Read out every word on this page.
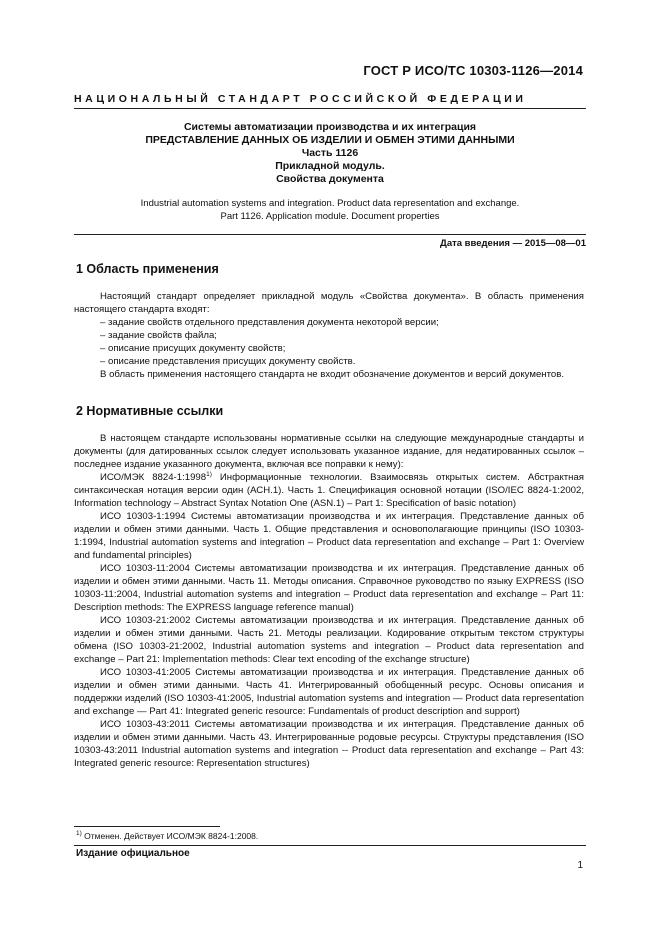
ГОСТ Р ИСО/ТС 10303-1126—2014
НАЦИОНАЛЬНЫЙ СТАНДАРТ РОССИЙСКОЙ ФЕДЕРАЦИИ
Системы автоматизации производства и их интеграция
ПРЕДСТАВЛЕНИЕ ДАННЫХ ОБ ИЗДЕЛИИ И ОБМЕН ЭТИМИ ДАННЫМИ
Часть 1126
Прикладной модуль.
Свойства документа
Industrial automation systems and integration. Product data representation and exchange.
Part 1126. Application module. Document properties
Дата введения — 2015—08—01
1 Область применения

Настоящий стандарт определяет прикладной модуль «Свойства документа». В область применения настоящего стандарта входят:

– задание свойств отдельного представления документа некоторой версии;

– задание свойств файла;

– описание присущих документу свойств;

– описание представления присущих документу свойств.

В область применения настоящего стандарта не входит обозначение документов и версий документов.

2 Нормативные ссылки

В настоящем стандарте использованы нормативные ссылки на следующие международные стандарты и документы (для датированных ссылок следует использовать указанное издание, для недатированных ссылок – последнее издание указанного документа, включая все поправки к нему):

ИСО/МЭК 8824-1:1998$^{1)}$ Информационные технологии. Взаимосвязь открытых систем. Абстрактная синтаксическая нотация версии один (АСН.1). Часть 1. Спецификация основной нотации (ISO/IEC 8824-1:2002, Information technology – Abstract Syntax Notation One (ASN.1) – Part 1: Specification of basic notation)

ИСО 10303-1:1994 Системы автоматизации производства и их интеграция. Представление данных об изделии и обмен этими данными. Часть 1. Общие представления и основополагающие принципы (ISO 10303-1:1994, Industrial automation systems and integration – Product data representation and exchange – Part 1: Overview and fundamental principles)

ИСО 10303-11:2004 Системы автоматизации производства и их интеграция. Представление данных об изделии и обмен этими данными. Часть 11. Методы описания. Справочное руководство по языку EXPRESS (ISO 10303-11:2004, Industrial automation systems and integration – Product data representation and exchange – Part 11: Description methods: The EXPRESS language reference manual)

ИСО 10303-21:2002 Системы автоматизации производства и их интеграция. Представление данных об изделии и обмен этими данными. Часть 21. Методы реализации. Кодирование открытым текстом структуры обмена (ISO 10303-21:2002, Industrial automation systems and integration – Product data representation and exchange – Part 21: Implementation methods: Clear text encoding of the exchange structure)

ИСО 10303-41:2005 Системы автоматизации производства и их интеграция. Представление данных об изделии и обмен этими данными. Часть 41. Интегрированный обобщенный ресурс. Основы описания и поддержки изделий (ISO 10303-41:2005, Industrial automation systems and integration — Product data representation and exchange — Part 41: Integrated generic resource: Fundamentals of product description and support)

ИСО 10303-43:2011 Системы автоматизации производства и их интеграция. Представление данных об изделии и обмен этими данными. Часть 43. Интегрированные родовые ресурсы. Структуры представления (ISO 10303-43:2011 Industrial automation systems and integration -- Product data representation and exchange – Part 43: Integrated generic resource: Representation structures)

$^{1)}$ Отменен. Действует ИСО/МЭК 8824-1:2008.
Издание официальное
1
